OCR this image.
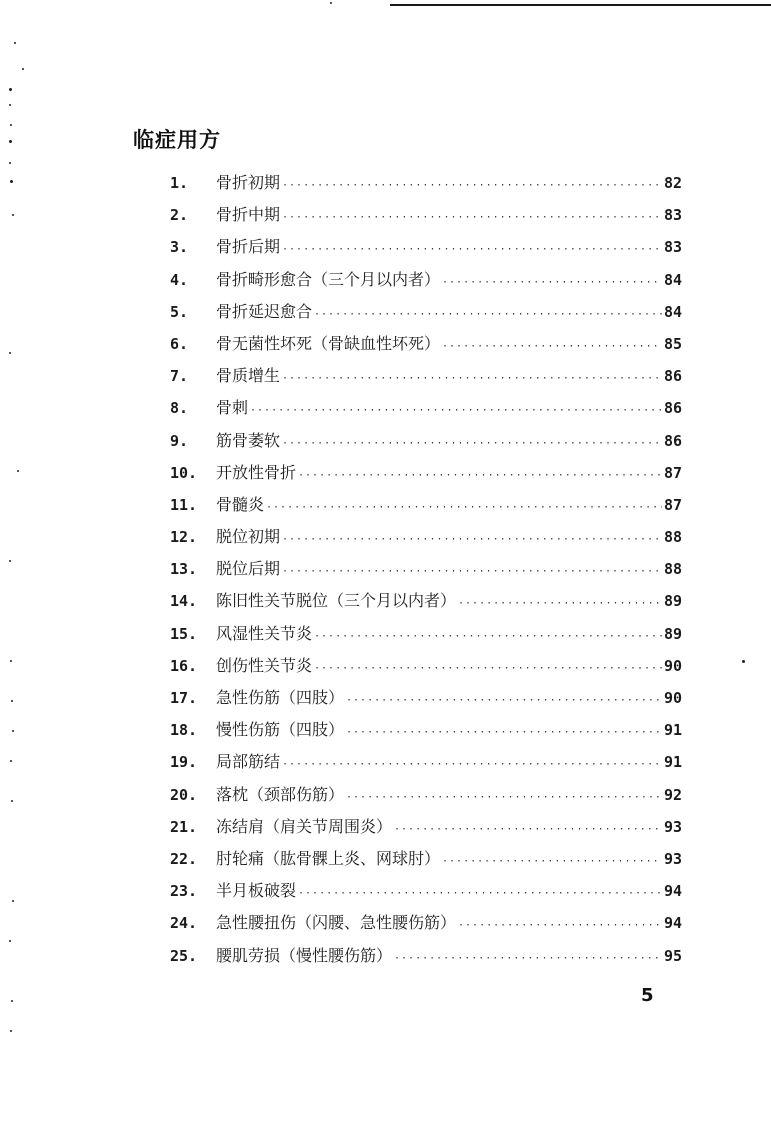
临症用方
1.	骨折初期 ·····	82
2.	骨折中期 ·····	83
3.	骨折后期 ·····	83
4.	骨折畸形愈合（三个月以内者） ·····	84
5.	骨折延迟愈合 ·····	84
6.	骨无菌性坏死（骨缺血性坏死） ·····	85
7.	骨质增生 ·····	86
8.	骨刺 ·····	86
9.	筋骨萎软 ·····	86
10.	开放性骨折 ·····	87
11.	骨髓炎 ·····	87
12.	脱位初期 ·····	88
13.	脱位后期 ·····	88
14.	陈旧性关节脱位（三个月以内者） ·····	89
15.	风湿性关节炎 ·····	89
16.	创伤性关节炎 ·····	90
17.	急性伤筋（四肢） ·····	90
18.	慢性伤筋（四肢） ·····	91
19.	局部筋结 ·····	91
20.	落枕（颈部伤筋） ·····	92
21.	冻结肩（肩关节周围炎） ·····	93
22.	肘轮痛（肱骨髁上炎、网球肘） ·····	93
23.	半月板破裂 ·····	94
24.	急性腰扭伤（闪腰、急性腰伤筋） ·····	94
25.	腰肌劳损（慢性腰伤筋） ·····	95
5
